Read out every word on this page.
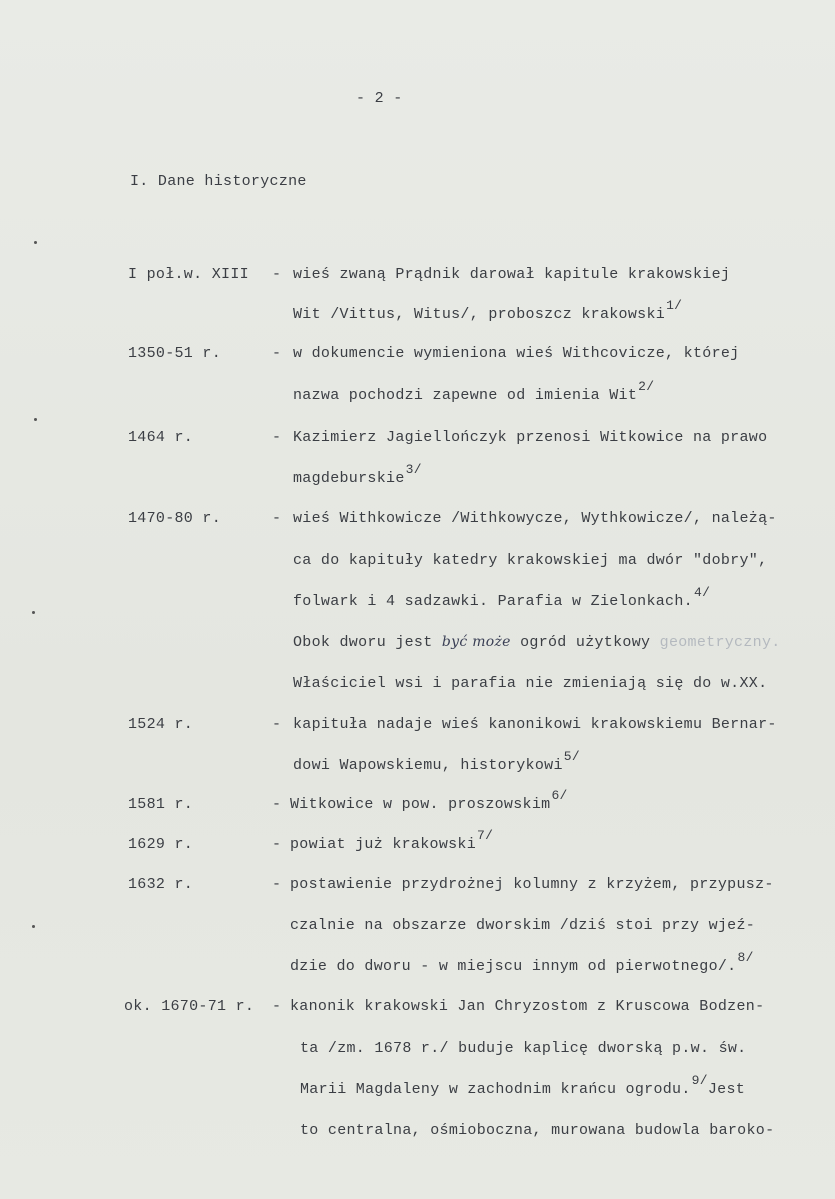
- 2 -
I. Dane historyczne
I poł.w. XIII - wieś zwaną Prądnik darował kapitule krakowskiej
Wit /Vittus, Witus/, proboszcz krakowski1/
1350-51 r.	- w dokumencie wymieniona wieś Withcovicze, której
nazwa pochodzi zapewne od imienia Wit2/
1464 r.	- Kazimierz Jagiellończyk przenosi Witkowice na prawo
magdeburskie3/
1470-80 r.	- wieś Withkowicze /Withkowycze, Wythkowicze/, należą-
ca do kapituły katedry krakowskiej ma dwór "dobry",
folwark i 4 sadzawki. Parafia w Zielonkach.4/
Obok dworu jest być może ogród użytkowy geometryczny.
Właściciel wsi i parafia nie zmieniają się do w.XX.
1524 r.	- kapituła nadaje wieś kanonikowi krakowskiemu Bernar-
dowi Wapowskiemu, historykowi5/
1581 r.	- Witkowice w pow. proszowskim6/
1629 r.	- powiat już krakowski7/
1632 r.	- postawienie przydrożnej kolumny z krzyżem, przypusz-
czalnie na obszarze dworskim /dziś stoi przy wjeź-
dzie do dworu - w miejscu innym od pierwotnego/.8/
ok. 1670-71 r. - kanonik krakowski Jan Chryzostom z Kruscowa Bodzen-
ta /zm. 1678 r./ buduje kaplicę dworską p.w. św.
Marii Magdaleny w zachodnim krańcu ogrodu.9/Jest
to centralna, ośmioboczna, murowana budowla baroko-
